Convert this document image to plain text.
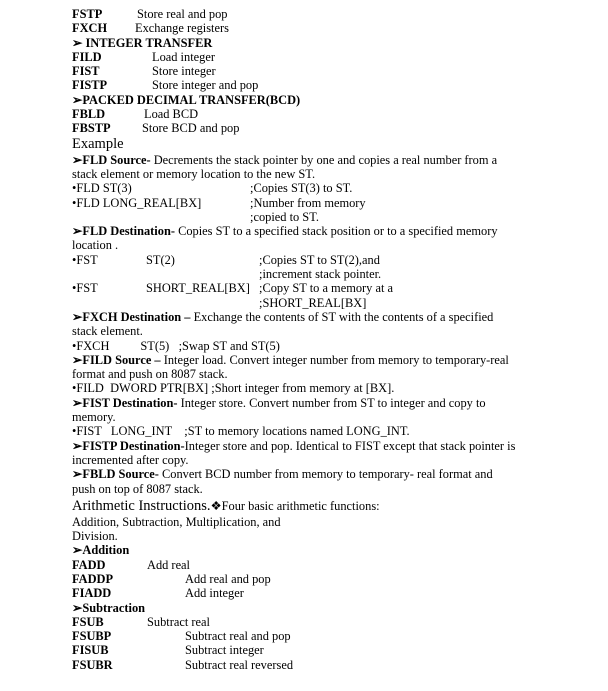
FSTP	Store real and pop
FXCH Exchange registers
➢ INTEGER TRANSFER
FILD	Load integer
FIST	Store integer
FISTP	Store integer and pop
➢PACKED DECIMAL TRANSFER(BCD)
FBLD	Load BCD
FBSTP	Store BCD and pop
Example
➢FLD Source- Decrements the stack pointer by one and copies a real number from a stack element or memory location to the new ST.
•FLD ST(3)	;Copies ST(3) to ST.
•FLD LONG_REAL[BX]	;Number from memory
;copied to ST.
➢FLD Destination- Copies ST to a specified stack position or to a specified memory location .
•FST	ST(2)	;Copies ST to ST(2),and
;increment stack pointer.
•FST	SHORT_REAL[BX] ;Copy ST to a memory at a
;SHORT_REAL[BX]
➢FXCH Destination – Exchange the contents of ST with the contents of a specified stack element.
•FXCH          ST(5)   ;Swap ST and ST(5)
➢FILD Source – Integer load. Convert integer number from memory to temporary-real format and push on 8087 stack.
•FILD  DWORD PTR[BX] ;Short integer from memory at [BX].
➢FIST Destination- Integer store. Convert number from ST to integer and copy to memory.
•FIST   LONG_INT    ;ST to memory locations named LONG_INT.
➢FISTP Destination-Integer store and pop. Identical to FIST except that stack pointer is incremented after copy.
➢FBLD Source- Convert BCD number from memory to temporary- real format and push on top of 8087 stack.
Arithmetic Instructions.❖Four basic arithmetic functions:
Addition, Subtraction, Multiplication, and
Division.
➢Addition
FADD	Add real
FADDP	Add real and pop
FIADD	Add integer
➢Subtraction
FSUB	Subtract real
FSUBP	Subtract real and pop
FISUB	Subtract integer
FSUBR	Subtract real reversed
